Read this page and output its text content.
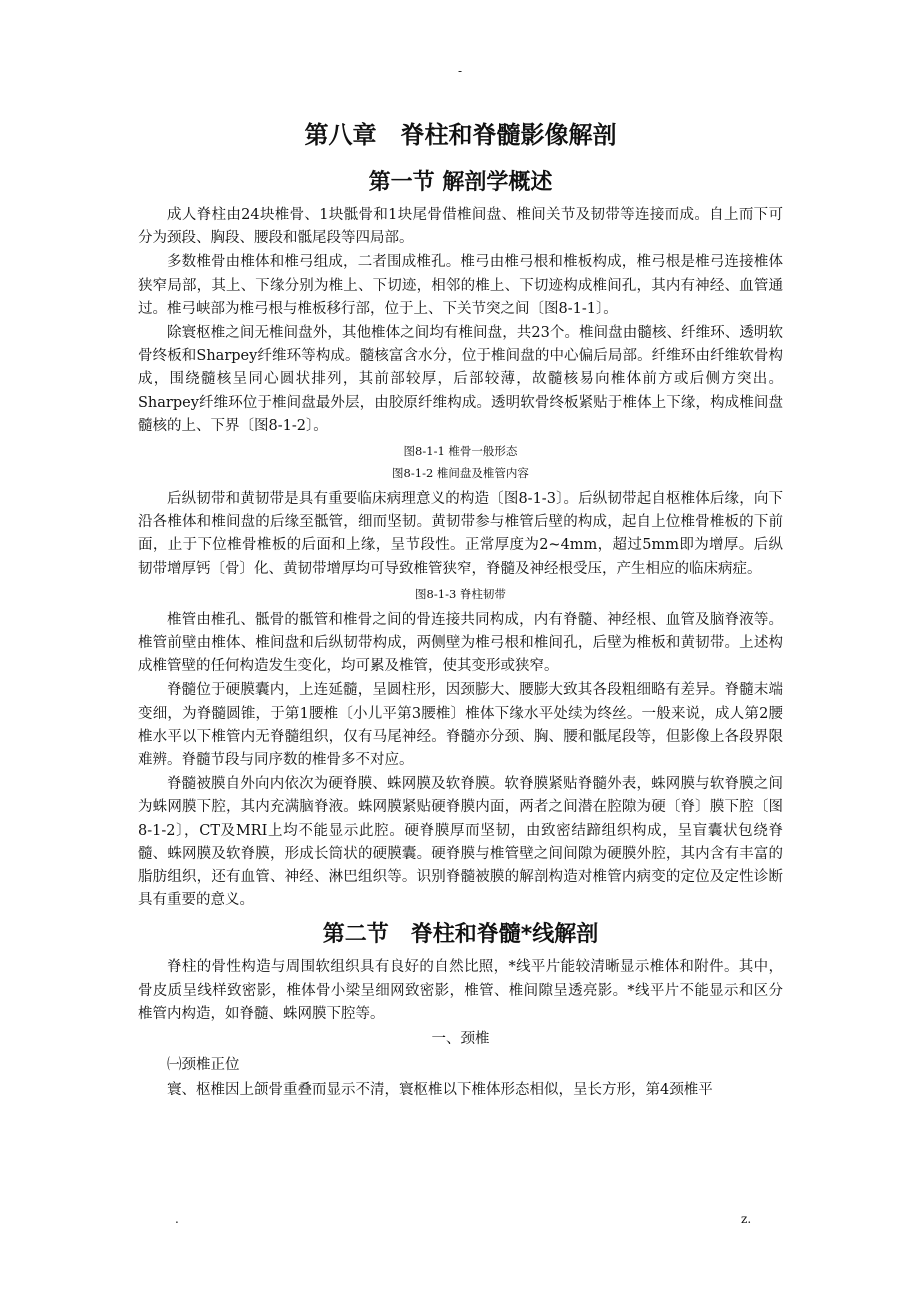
-
第八章　脊柱和脊髓影像解剖
第一节 解剖学概述

成人脊柱由24块椎骨、1块骶骨和1块尾骨借椎间盘、椎间关节及韧带等连接而成。自上而下可分为颈段、胸段、腰段和骶尾段等四局部。

多数椎骨由椎体和椎弓组成，二者围成椎孔。椎弓由椎弓根和椎板构成，椎弓根是椎弓连接椎体狭窄局部，其上、下缘分别为椎上、下切迹，相邻的椎上、下切迹构成椎间孔，其内有神经、血管通过。椎弓峡部为椎弓根与椎板移行部，位于上、下关节突之间〔图8-1-1〕。

除寰枢椎之间无椎间盘外，其他椎体之间均有椎间盘，共23个。椎间盘由髓核、纤维环、透明软骨终板和Sharpey纤维环等构成。髓核富含水分，位于椎间盘的中心偏后局部。纤维环由纤维软骨构成，围绕髓核呈同心圆状排列，其前部较厚，后部较薄，故髓核易向椎体前方或后侧方突出。Sharpey纤维环位于椎间盘最外层，由胶原纤维构成。透明软骨终板紧贴于椎体上下缘，构成椎间盘髓核的上、下界〔图8-1-2〕。

图8-1-1 椎骨一般形态

图8-1-2 椎间盘及椎管内容

后纵韧带和黄韧带是具有重要临床病理意义的构造〔图8-1-3〕。后纵韧带起自枢椎体后缘，向下沿各椎体和椎间盘的后缘至骶管，细而坚韧。黄韧带参与椎管后壁的构成，起自上位椎骨椎板的下前面，止于下位椎骨椎板的后面和上缘，呈节段性。正常厚度为2~4mm，超过5mm即为增厚。后纵韧带增厚钙〔骨〕化、黄韧带增厚均可导致椎管狭窄，脊髓及神经根受压，产生相应的临床病症。

图8-1-3 脊柱韧带

椎管由椎孔、骶骨的骶管和椎骨之间的骨连接共同构成，内有脊髓、神经根、血管及脑脊液等。椎管前壁由椎体、椎间盘和后纵韧带构成，两侧壁为椎弓根和椎间孔，后壁为椎板和黄韧带。上述构成椎管壁的任何构造发生变化，均可累及椎管，使其变形或狭窄。

脊髓位于硬膜囊内，上连延髓，呈圆柱形，因颈膨大、腰膨大致其各段粗细略有差异。脊髓末端变细，为脊髓圆锥，于第1腰椎〔小儿平第3腰椎〕椎体下缘水平处续为终丝。一般来说，成人第2腰椎水平以下椎管内无脊髓组织，仅有马尾神经。脊髓亦分颈、胸、腰和骶尾段等，但影像上各段界限难辨。脊髓节段与同序数的椎骨多不对应。

脊髓被膜自外向内依次为硬脊膜、蛛网膜及软脊膜。软脊膜紧贴脊髓外表，蛛网膜与软脊膜之间为蛛网膜下腔，其内充满脑脊液。蛛网膜紧贴硬脊膜内面，两者之间潜在腔隙为硬〔脊〕膜下腔〔图8-1-2〕，CT及MRI上均不能显示此腔。硬脊膜厚而坚韧，由致密结蹄组织构成，呈盲囊状包绕脊髓、蛛网膜及软脊膜，形成长筒状的硬膜囊。硬脊膜与椎管壁之间间隙为硬膜外腔，其内含有丰富的脂肪组织，还有血管、神经、淋巴组织等。识别脊髓被膜的解剖构造对椎管内病变的定位及定性诊断具有重要的意义。

第二节　脊柱和脊髓*线解剖

脊柱的骨性构造与周围软组织具有良好的自然比照，*线平片能较清晰显示椎体和附件。其中，骨皮质呈线样致密影，椎体骨小梁呈细网致密影，椎管、椎间隙呈透亮影。*线平片不能显示和区分椎管内构造，如脊髓、蛛网膜下腔等。

一、颈椎

㈠颈椎正位

寰、枢椎因上颌骨重叠而显示不清，寰枢椎以下椎体形态相似，呈长方形，第4颈椎平

.	z.
